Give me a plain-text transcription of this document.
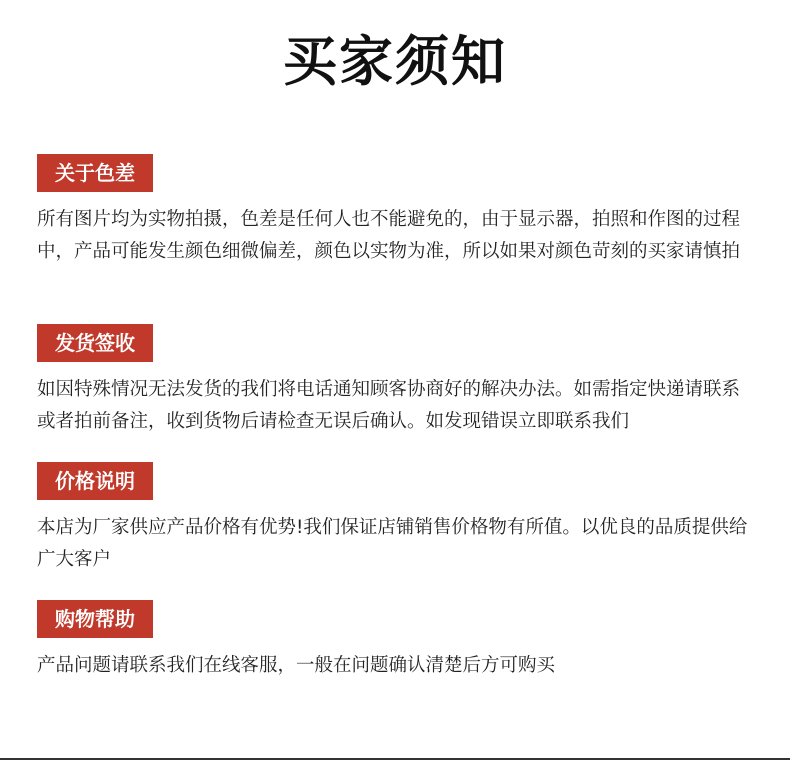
买家须知
关于色差
所有图片均为实物拍摄，色差是任何人也不能避免的，由于显示器，拍照和作图的过程中，产品可能发生颜色细微偏差，颜色以实物为准，所以如果对颜色苛刻的买家请慎拍
发货签收
如因特殊情况无法发货的我们将电话通知顾客协商好的解决办法。如需指定快递请联系或者拍前备注，收到货物后请检查无误后确认。如发现错误立即联系我们
价格说明
本店为厂家供应产品价格有优势!我们保证店铺销售价格物有所值。以优良的品质提供给广大客户
购物帮助
产品问题请联系我们在线客服，一般在问题确认清楚后方可购买
